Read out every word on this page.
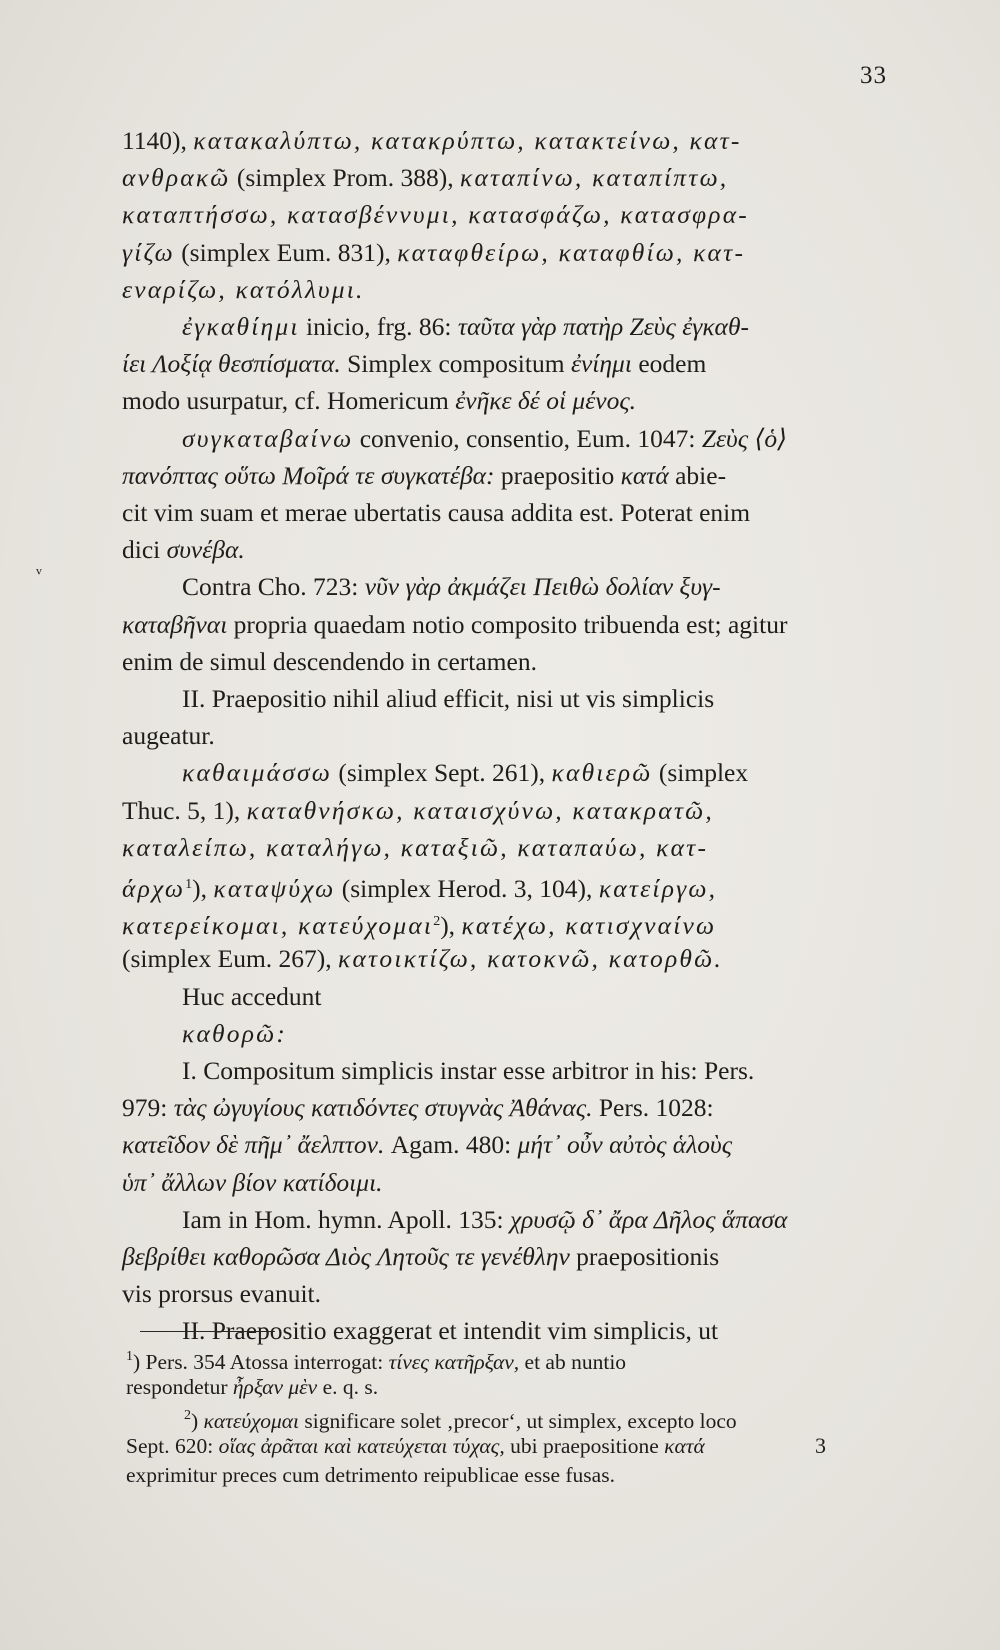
33
ᵛ
1140), κατακαλύπτω, κατακρύπτω, κατακτείνω, κατ-
ανθρακῶ (simplex Prom. 388), καταπίνω, καταπίπτω,
καταπτήσσω, κατασβέννυμι, κατασφάζω, κατασφρα-
γίζω (simplex Eum. 831), καταφθείρω, καταφθίω, κατ-
εναρίζω, κατόλλυμι.
ἐγκαθίημι inicio, frg. 86: ταῦτα γὰρ πατὴρ Ζεὺς ἐγκαθ-
ίει Λοξίᾳ θεσπίσματα. Simplex compositum ἐνίημι eodem
modo usurpatur, cf. Homericum ἐνῆκε δέ οἱ μένος.
συγκαταβαίνω convenio, consentio, Eum. 1047: Ζεὺς ⟨ὁ⟩
πανόπτας οὕτω Μοῖρά τε συγκατέβα: praepositio κατά abie-
cit vim suam et merae ubertatis causa addita est. Poterat enim
dici συνέβα.
Contra Cho. 723: νῦν γὰρ ἀκμάζει Πειθὼ δολίαν ξυγ-
καταβῆναι propria quaedam notio composito tribuenda est; agitur
enim de simul descendendo in certamen.
II. Praepositio nihil aliud efficit, nisi ut vis simplicis
augeatur.
καθαιμάσσω (simplex Sept. 261), καθιερῶ (simplex
Thuc. 5, 1), καταθνήσκω, καταισχύνω, κατακρατῶ,
καταλείπω, καταλήγω, καταξιῶ, καταπαύω, κατ-
άρχω$^1$), καταψύχω (simplex Herod. 3, 104), κατείργω,
κατερείκομαι, κατεύχομαι$^2$), κατέχω, κατισχναίνω
(simplex Eum. 267), κατοικτίζω, κατοκνῶ, κατορθῶ.
Huc accedunt
καθορῶ:
I. Compositum simplicis instar esse arbitror in his: Pers.
979: τὰς ὠγυγίους κατιδόντες στυγνὰς Ἀθάνας. Pers. 1028:
κατεῖδον δὲ πῆμ᾽ ἄελπτον. Agam. 480: μήτ᾽ οὖν αὐτὸς ἁλοὺς
ὑπ᾽ ἄλλων βίον κατίδοιμι.
Iam in Hom. hymn. Apoll. 135: χρυσῷ δ᾽ ἄρα Δῆλος ἅπασα
βεβρίθει καθορῶσα Διὸς Λητοῦς τε γενέθλην praepositionis
vis prorsus evanuit.
II. Praepositio exaggerat et intendit vim simplicis, ut
$^1$) Pers. 354 Atossa interrogat: τίνες κατῆρξαν, et ab nuntio
respondetur ἦρξαν μὲν e. q. s.
$^2$) κατεύχομαι significare solet ‚precor‘, ut simplex, excepto loco
Sept. 620: οἵας ἀρᾶται καὶ κατεύχεται τύχας, ubi praepositione κατά
exprimitur preces cum detrimento reipublicae esse fusas.
3
